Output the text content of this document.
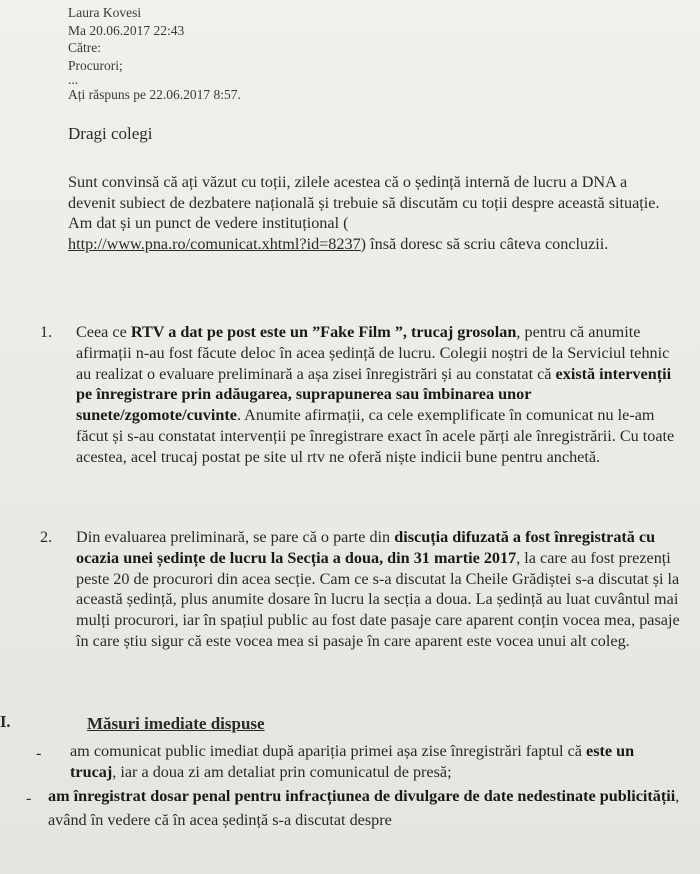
Laura Kovesi
Ma 20.06.2017 22:43
Către:
Procurori;
...
Ați răspuns pe 22.06.2017 8:57.
Dragi colegi

Sunt convinsă că ați văzut cu toții, zilele acestea că o ședință internă de lucru a DNA a devenit subiect de dezbatere națională și trebuie să discutăm cu toții despre această situație.

Am dat și un punct de vedere instituțional (
http://www.pna.ro/comunicat.xhtml?id=8237) însă doresc să scriu câteva concluzii.

1. Ceea ce RTV a dat pe post este un ”Fake Film ”, trucaj grosolan, pentru că anumite afirmații n-au fost făcute deloc în acea ședință de lucru. Colegii noștri de la Serviciul tehnic au realizat o evaluare preliminară a așa zisei înregistrări și au constatat că există intervenții pe înregistrare prin adăugarea, suprapunerea sau îmbinarea unor sunete/zgomote/cuvinte. Anumite afirmații, ca cele exemplificate în comunicat nu le-am făcut și s-au constatat intervenții pe înregistrare exact în acele părți ale înregistrării. Cu toate acestea, acel trucaj postat pe site ul rtv ne oferă niște indicii bune pentru anchetă.
2. Din evaluarea preliminară, se pare că o parte din discuția difuzată a fost înregistrată cu ocazia unei ședințe de lucru la Secția a doua, din 31 martie 2017, la care au fost prezenți peste 20 de procurori din acea secție. Cam ce s-a discutat la Cheile Grădiștei s-a discutat și la această ședință, plus anumite dosare în lucru la secția a doua. La ședință au luat cuvântul mai mulți procurori, iar în spațiul public au fost date pasaje care aparent conțin vocea mea, pasaje în care știu sigur că este vocea mea si pasaje în care aparent este vocea unui alt coleg.
I.	Măsuri imediate dispuse
- am comunicat public imediat după apariția primei așa zise înregistrări faptul că este un trucaj, iar a doua zi am detaliat prin comunicatul de presă;
- am înregistrat dosar penal pentru infracțiunea de divulgare de date nedestinate publicității, având în vedere că în acea ședință s-a discutat despre
